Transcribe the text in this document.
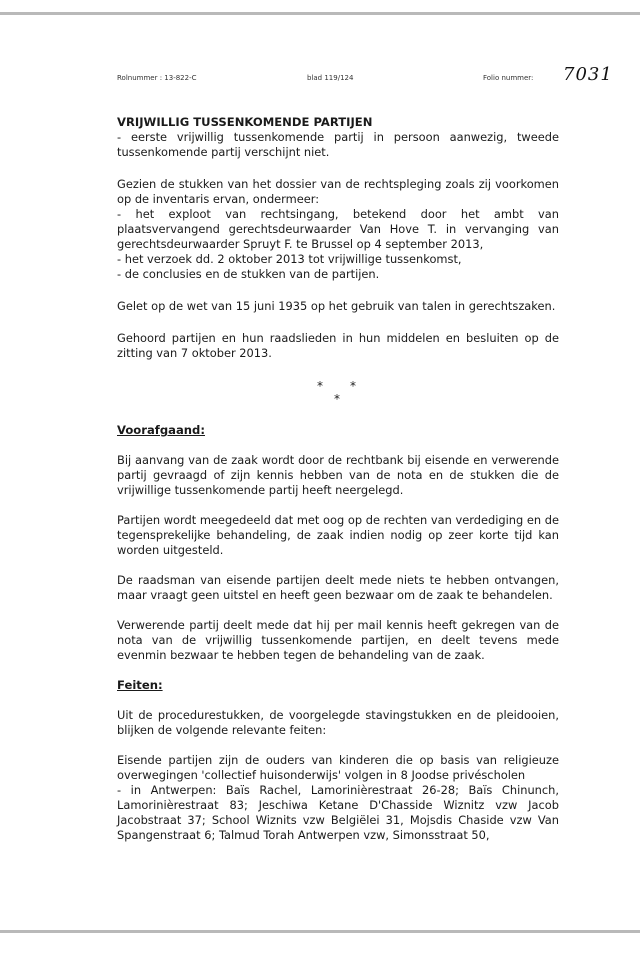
Rolnummer : 13-822-C	blad 119/124	Folio nummer: 7031

VRIJWILLIG TUSSENKOMENDE PARTIJEN

- eerste vrijwillig tussenkomende partij in persoon aanwezig, tweede tussenkomende partij verschijnt niet.

Gezien de stukken van het dossier van de rechtspleging zoals zij voorkomen op de inventaris ervan, ondermeer:

- het exploot van rechtsingang, betekend door het ambt van plaatsvervangend gerechtsdeurwaarder Van Hove T. in vervanging van gerechtsdeurwaarder Spruyt F. te Brussel op 4 september 2013,

- het verzoek dd. 2 oktober 2013 tot vrijwillige tussenkomst,

- de conclusies en de stukken van de partijen.

Gelet op de wet van 15 juni 1935 op het gebruik van talen in gerechtszaken.

Gehoord partijen en hun raadslieden in hun middelen en besluiten op de zitting van 7 oktober 2013.

* *
*

Voorafgaand:

Bij aanvang van de zaak wordt door de rechtbank bij eisende en verwerende partij gevraagd of zijn kennis hebben van de nota en de stukken die de vrijwillige tussenkomende partij heeft neergelegd.

Partijen wordt meegedeeld dat met oog op de rechten van verdediging en de tegensprekelijke behandeling, de zaak indien nodig op zeer korte tijd kan worden uitgesteld.

De raadsman van eisende partijen deelt mede niets te hebben ontvangen, maar vraagt geen uitstel en heeft geen bezwaar om de zaak te behandelen.

Verwerende partij deelt mede dat hij per mail kennis heeft gekregen van de nota van de vrijwillig tussenkomende partijen, en deelt tevens mede evenmin bezwaar te hebben tegen de behandeling van de zaak.

Feiten:

Uit de procedurestukken, de voorgelegde stavingstukken en de pleidooien, blijken de volgende relevante feiten:

Eisende partijen zijn de ouders van kinderen die op basis van religieuze overwegingen 'collectief huisonderwijs' volgen in 8 Joodse privéscholen

- in Antwerpen: Baïs Rachel, Lamorinièrestraat 26-28; Baïs Chinunch, Lamorinièrestraat 83; Jeschiwa Ketane D'Chasside Wiznitz vzw Jacob Jacobstraat 37; School Wiznits vzw Belgiëlei 31, Mojsdis Chaside vzw Van Spangenstraat 6; Talmud Torah Antwerpen vzw, Simonsstraat 50,
